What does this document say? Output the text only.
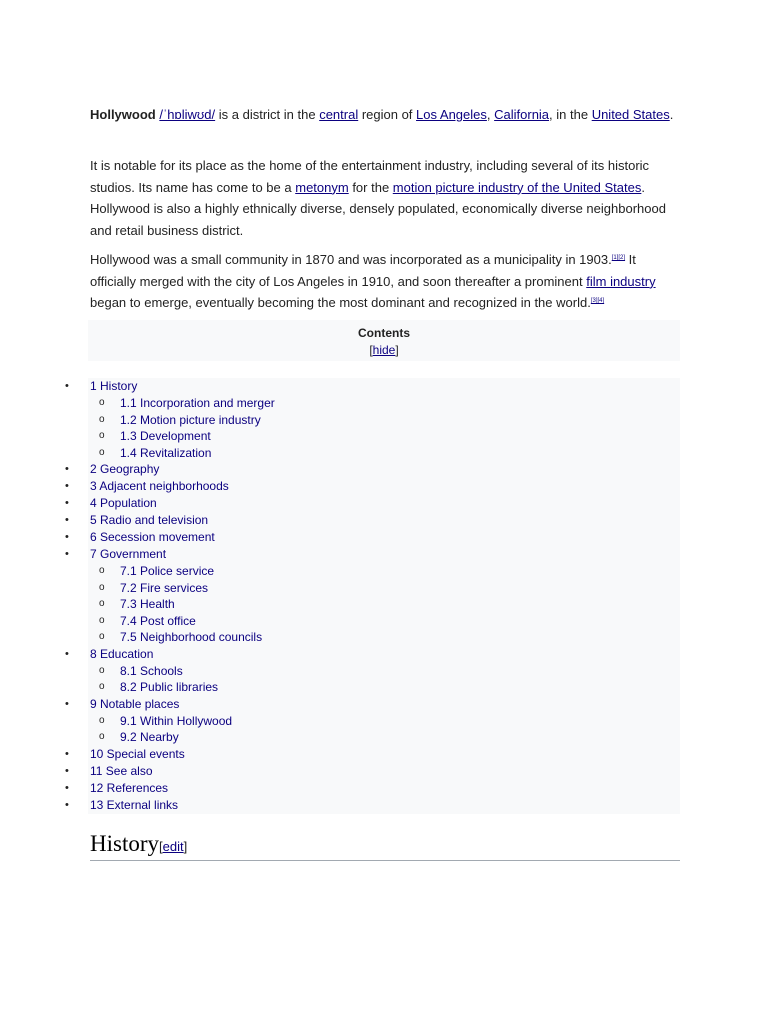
Hollywood /ˈhɒliwʊd/ is a district in the central region of Los Angeles, California, in the United States.

It is notable for its place as the home of the entertainment industry, including several of its historic studios. Its name has come to be a metonym for the motion picture industry of the United States. Hollywood is also a highly ethnically diverse, densely populated, economically diverse neighborhood and retail business district.

Hollywood was a small community in 1870 and was incorporated as a municipality in 1903.[1][2] It officially merged with the city of Los Angeles in 1910, and soon thereafter a prominent film industry began to emerge, eventually becoming the most dominant and recognized in the world.[3][4]

Contents
[hide]
• 1 History
o 1.1 Incorporation and merger
o 1.2 Motion picture industry
o 1.3 Development
o 1.4 Revitalization
• 2 Geography
• 3 Adjacent neighborhoods
• 4 Population
• 5 Radio and television
• 6 Secession movement
• 7 Government
o 7.1 Police service
o 7.2 Fire services
o 7.3 Health
o 7.4 Post office
o 7.5 Neighborhood councils
• 8 Education
o 8.1 Schools
o 8.2 Public libraries
• 9 Notable places
o 9.1 Within Hollywood
o 9.2 Nearby
• 10 Special events
• 11 See also
• 12 References
• 13 External links
History[edit]
